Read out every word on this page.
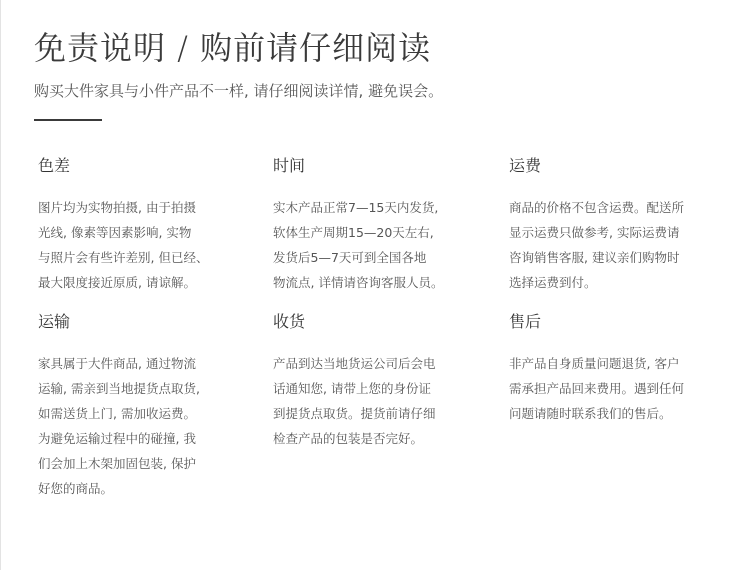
免责说明 / 购前请仔细阅读
购买大件家具与小件产品不一样, 请仔细阅读详情, 避免误会。
色差
图片均为实物拍摄, 由于拍摄
光线, 像素等因素影响, 实物
与照片会有些许差别, 但已经、
最大限度接近原质, 请谅解。
时间
实木产品正常7—15天内发货,
软体生产周期15—20天左右,
发货后5—7天可到全国各地
物流点, 详情请咨询客服人员。
运费
商品的价格不包含运费。配送所
显示运费只做参考, 实际运费请
咨询销售客服, 建议亲们购物时
选择运费到付。
运输
家具属于大件商品, 通过物流
运输, 需亲到当地提货点取货,
如需送货上门, 需加收运费。
为避免运输过程中的碰撞, 我
们会加上木架加固包装, 保护
好您的商品。
收货
产品到达当地货运公司后会电
话通知您, 请带上您的身份证
到提货点取货。提货前请仔细
检查产品的包装是否完好。
售后
非产品自身质量问题退货, 客户
需承担产品回来费用。遇到任何
问题请随时联系我们的售后。
